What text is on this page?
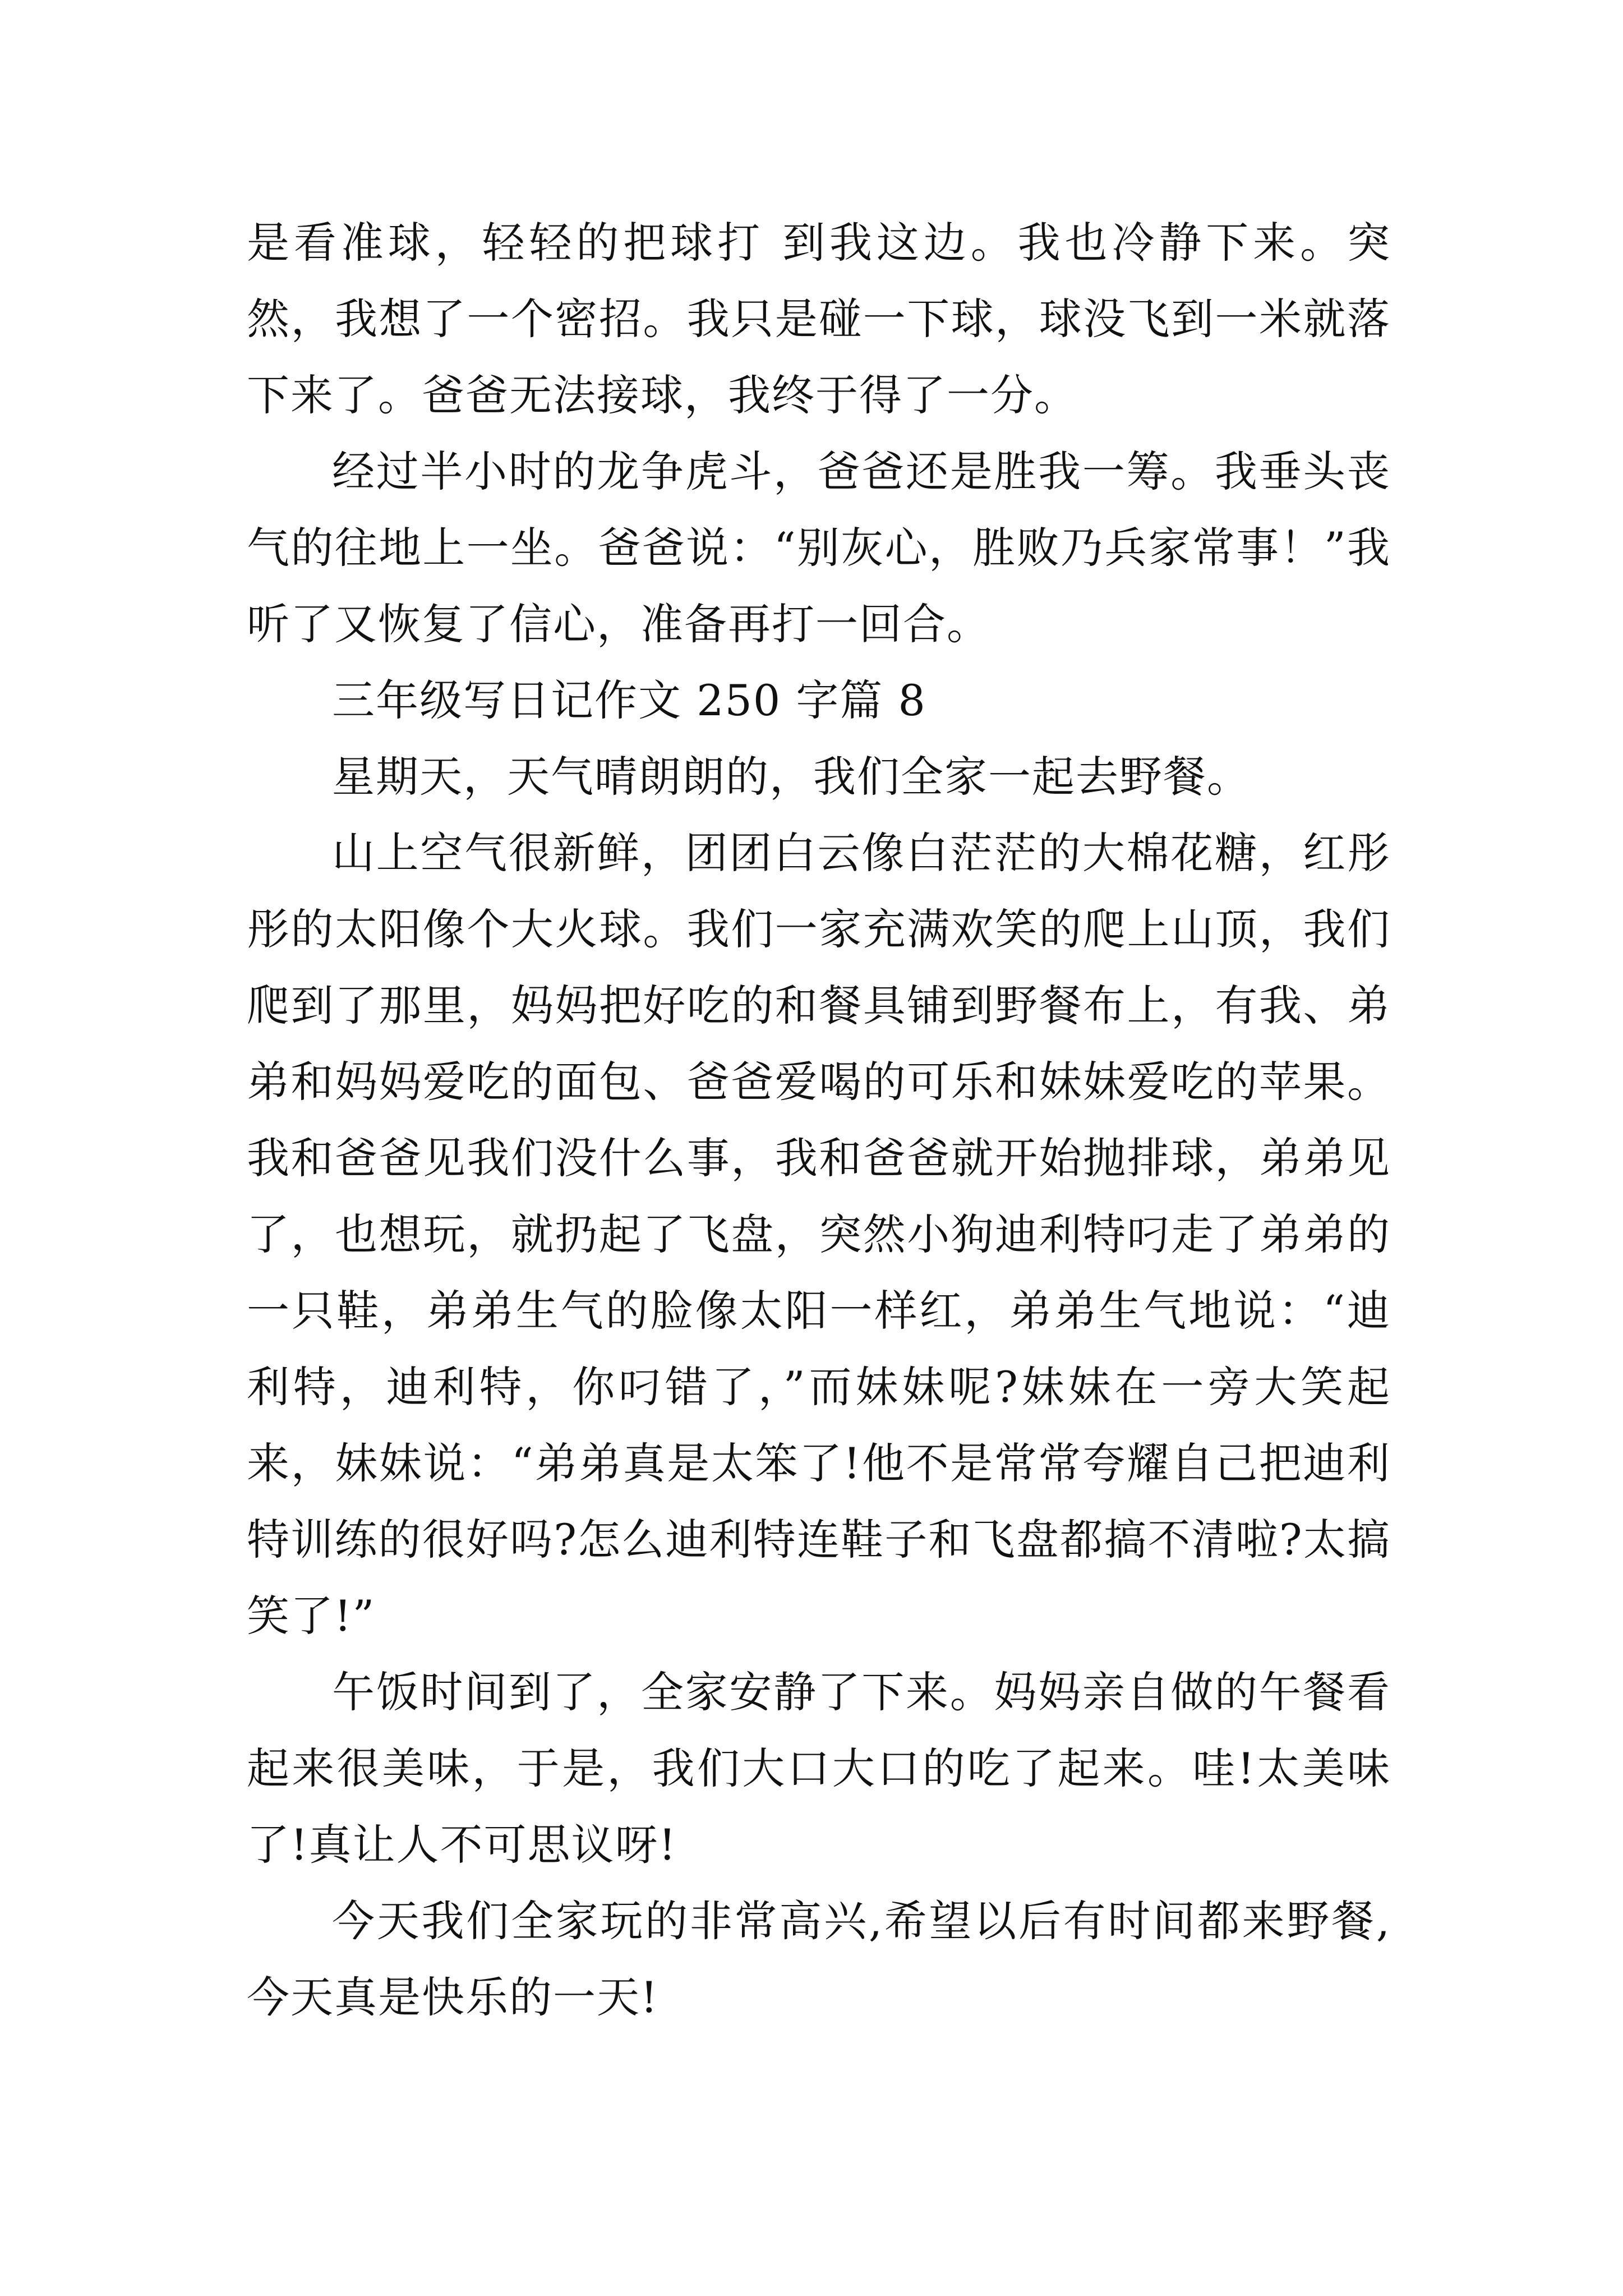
是看准球，轻轻的把球打 到我这边。我也冷静下来。突然，我想了一个密招。我只是碰一下球，球没飞到一米就落下来了。爸爸无法接球，我终于得了一分。

经过半小时的龙争虎斗，爸爸还是胜我一筹。我垂头丧气的往地上一坐。爸爸说：“别灰心，胜败乃兵家常事！”我听了又恢复了信心，准备再打一回合。

三年级写日记作文 250 字篇 8

星期天，天气晴朗朗的，我们全家一起去野餐。

山上空气很新鲜，团团白云像白茫茫的大棉花糖，红彤彤的太阳像个大火球。我们一家充满欢笑的爬上山顶，我们爬到了那里，妈妈把好吃的和餐具铺到野餐布上，有我、弟弟和妈妈爱吃的面包、爸爸爱喝的可乐和妹妹爱吃的苹果。我和爸爸见我们没什么事，我和爸爸就开始抛排球，弟弟见了，也想玩，就扔起了飞盘，突然小狗迪利特叼走了弟弟的一只鞋，弟弟生气的脸像太阳一样红，弟弟生气地说：“迪利特，迪利特，你叼错了，”而妹妹呢?妹妹在一旁大笑起来，妹妹说：“弟弟真是太笨了!他不是常常夸耀自己把迪利特训练的很好吗?怎么迪利特连鞋子和飞盘都搞不清啦?太搞笑了!”

午饭时间到了，全家安静了下来。妈妈亲自做的午餐看起来很美味，于是，我们大口大口的吃了起来。哇!太美味了!真让人不可思议呀!

今天我们全家玩的非常高兴,希望以后有时间都来野餐,今天真是快乐的一天!
